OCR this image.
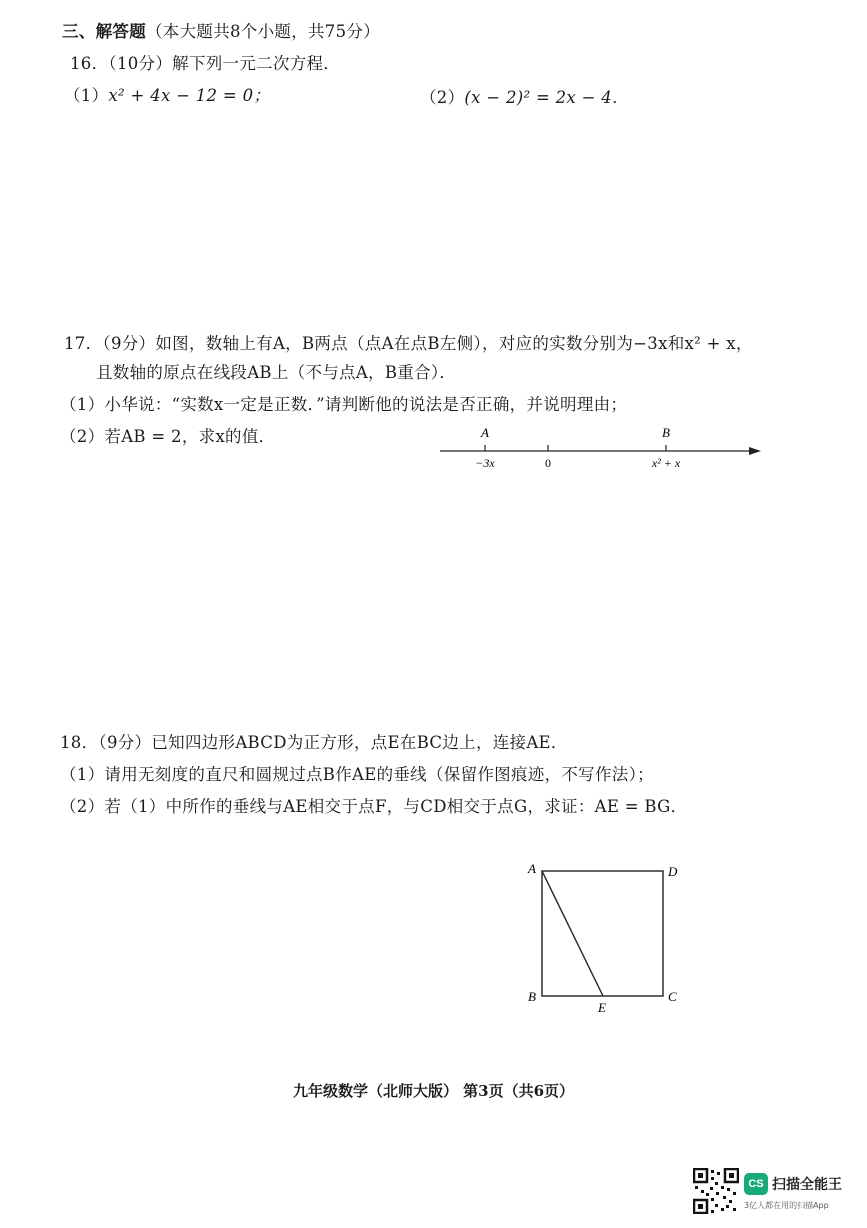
三、解答题（本大题共8个小题，共75分）
16．（10分）解下列一元二次方程．
（1）x² + 4x − 12 = 0；	（2）(x − 2)² = 2x − 4．
17．（9分）如图，数轴上有A，B两点（点A在点B左侧），对应的实数分别为−3x和x² + x，
且数轴的原点在线段AB上（不与点A，B重合）．
（1）小华说：“实数x一定是正数．”请判断他的说法是否正确，并说明理由；
（2）若AB = 2，求x的值．	A	B
−3x	0	x² + x
18．（9分）已知四边形ABCD为正方形，点E在BC边上，连接AE．
（1）请用无刻度的直尺和圆规过点B作AE的垂线（保留作图痕迹，不写作法）；
（2）若（1）中所作的垂线与AE相交于点F，与CD相交于点G，求证：AE = BG．
A	D
B	C
E
九年级数学（北师大版） 第3页（共6页）
CS 扫描全能王
3亿人都在用的扫描App
